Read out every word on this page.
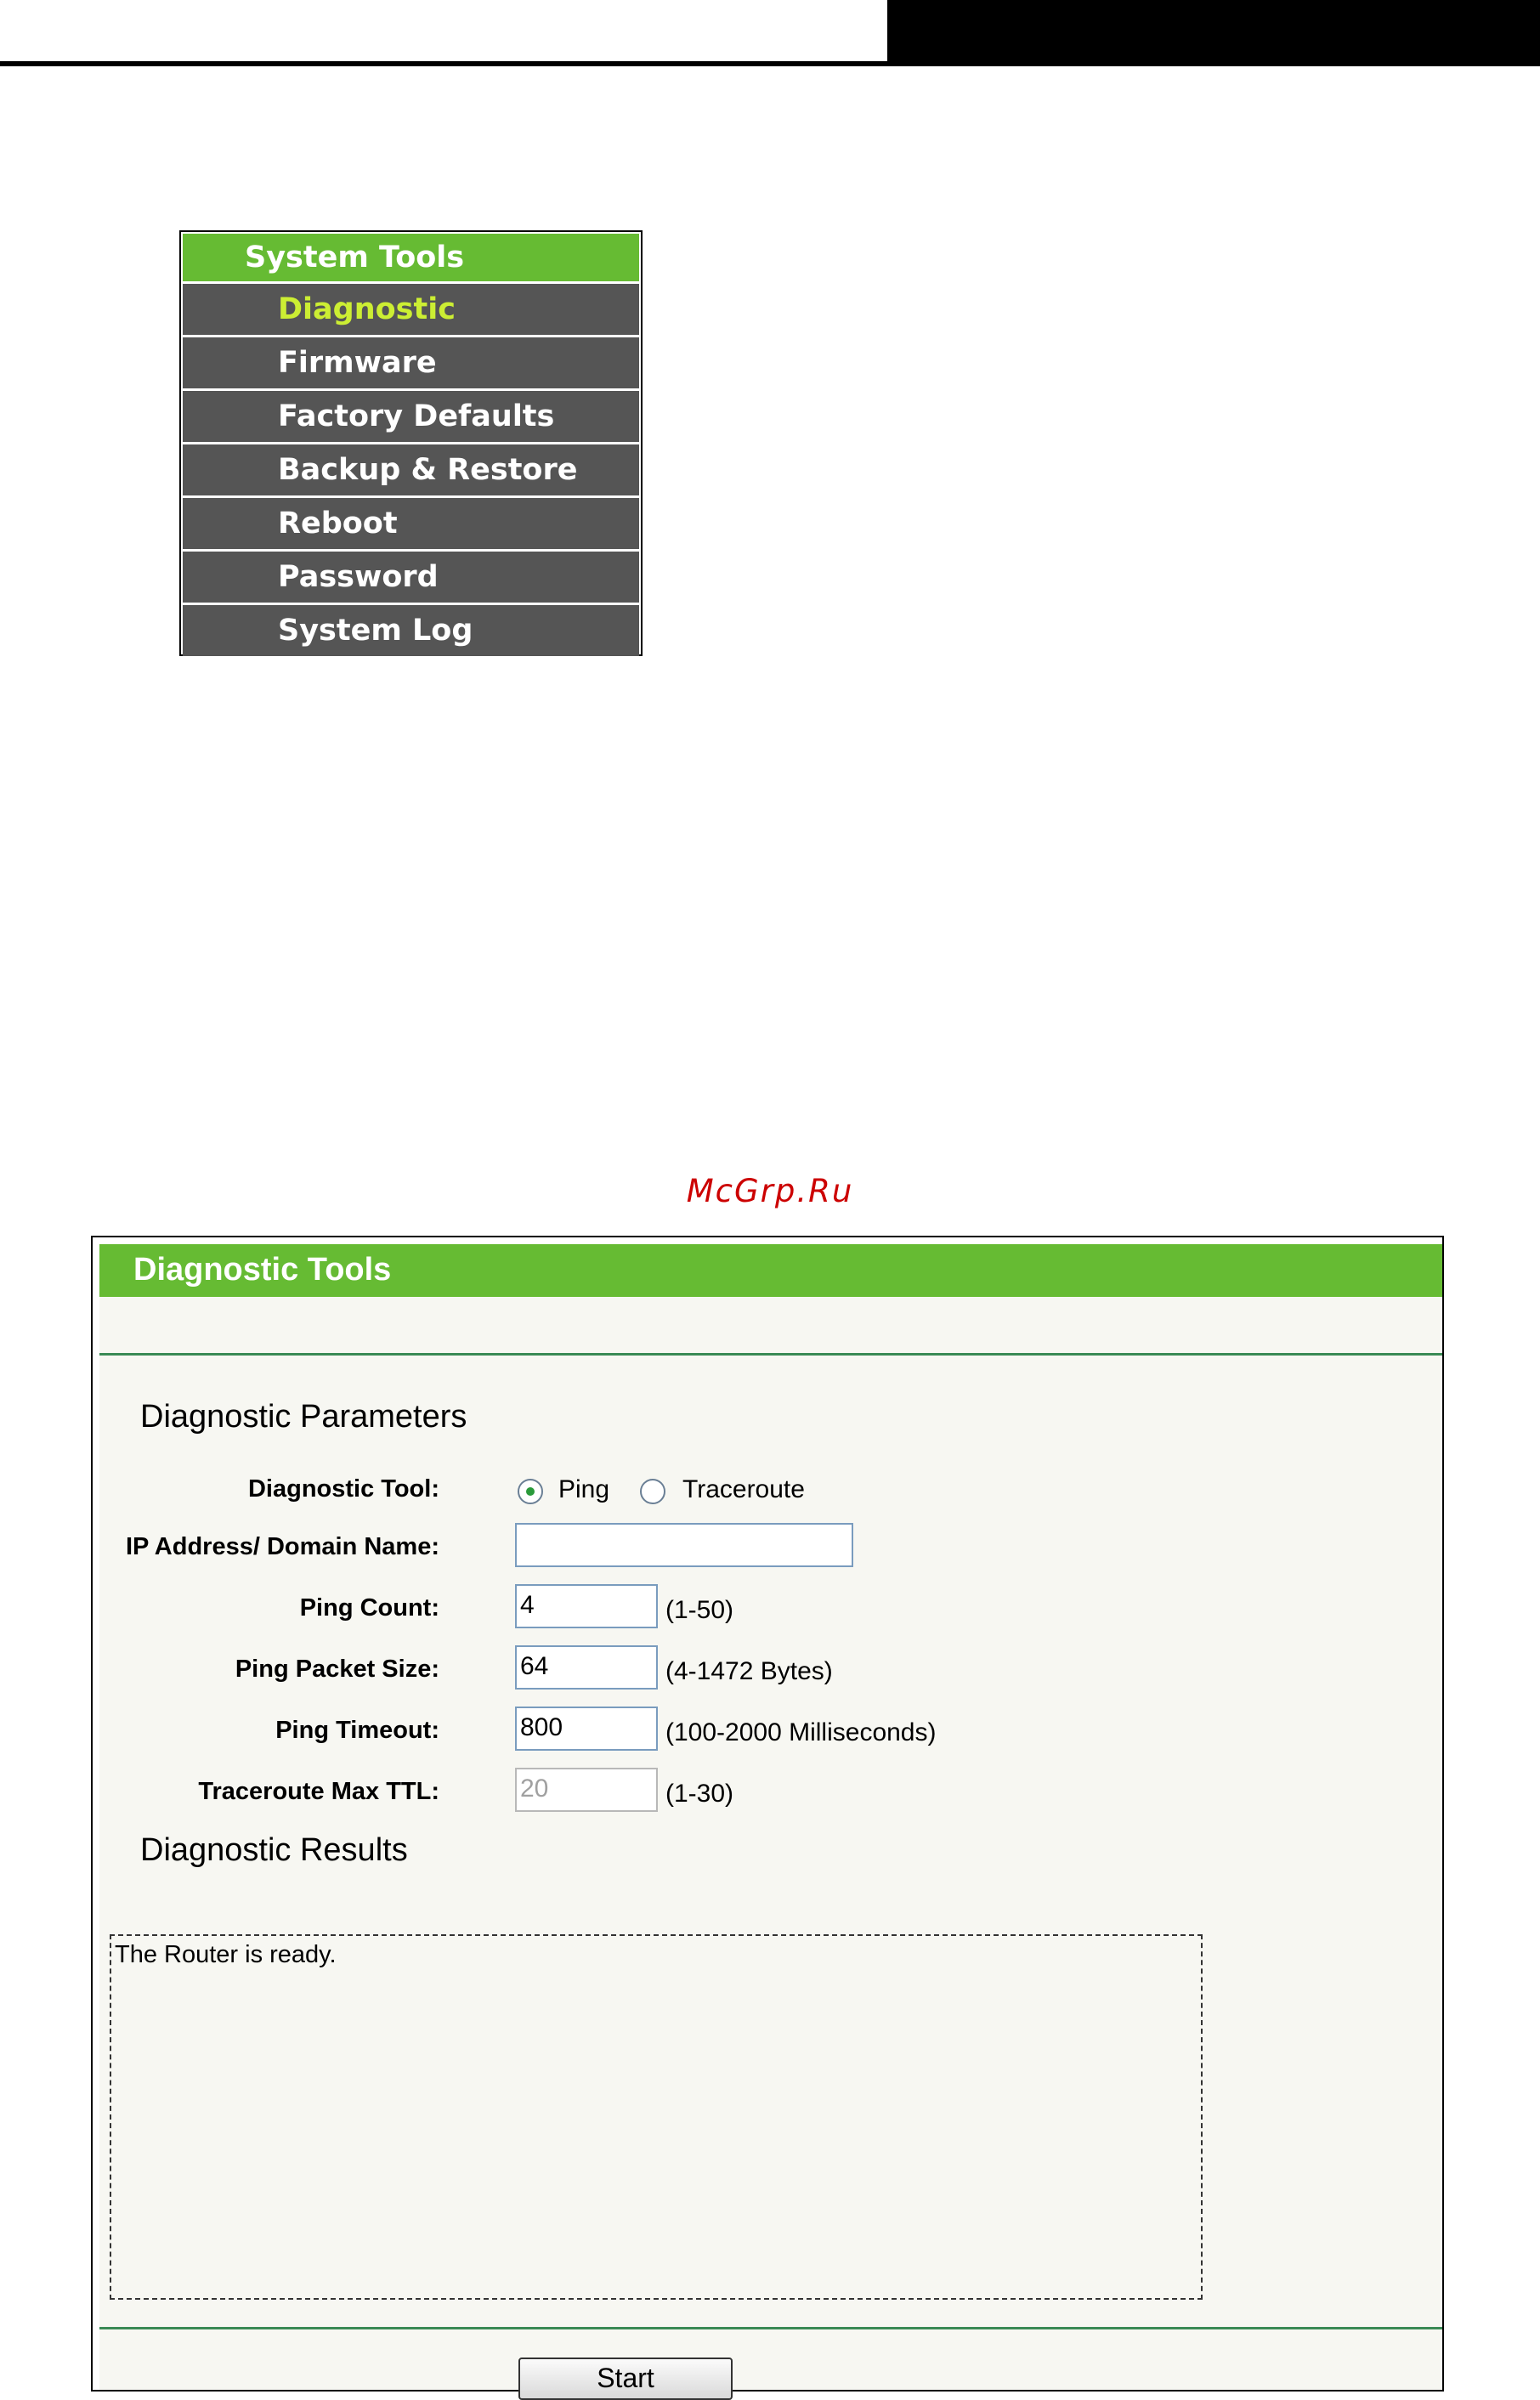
System Tools
Diagnostic
Firmware
Factory Defaults
Backup & Restore
Reboot
Password
System Log
McGrp.Ru
Diagnostic Tools
Diagnostic Parameters
Diagnostic Tool:	Ping	Traceroute
IP Address/ Domain Name:
Ping Count:	4	(1-50)
Ping Packet Size:	64	(4-1472 Bytes)
Ping Timeout:	800	(100-2000 Milliseconds)
Traceroute Max TTL:	20	(1-30)
Diagnostic Results
The Router is ready.
Start
